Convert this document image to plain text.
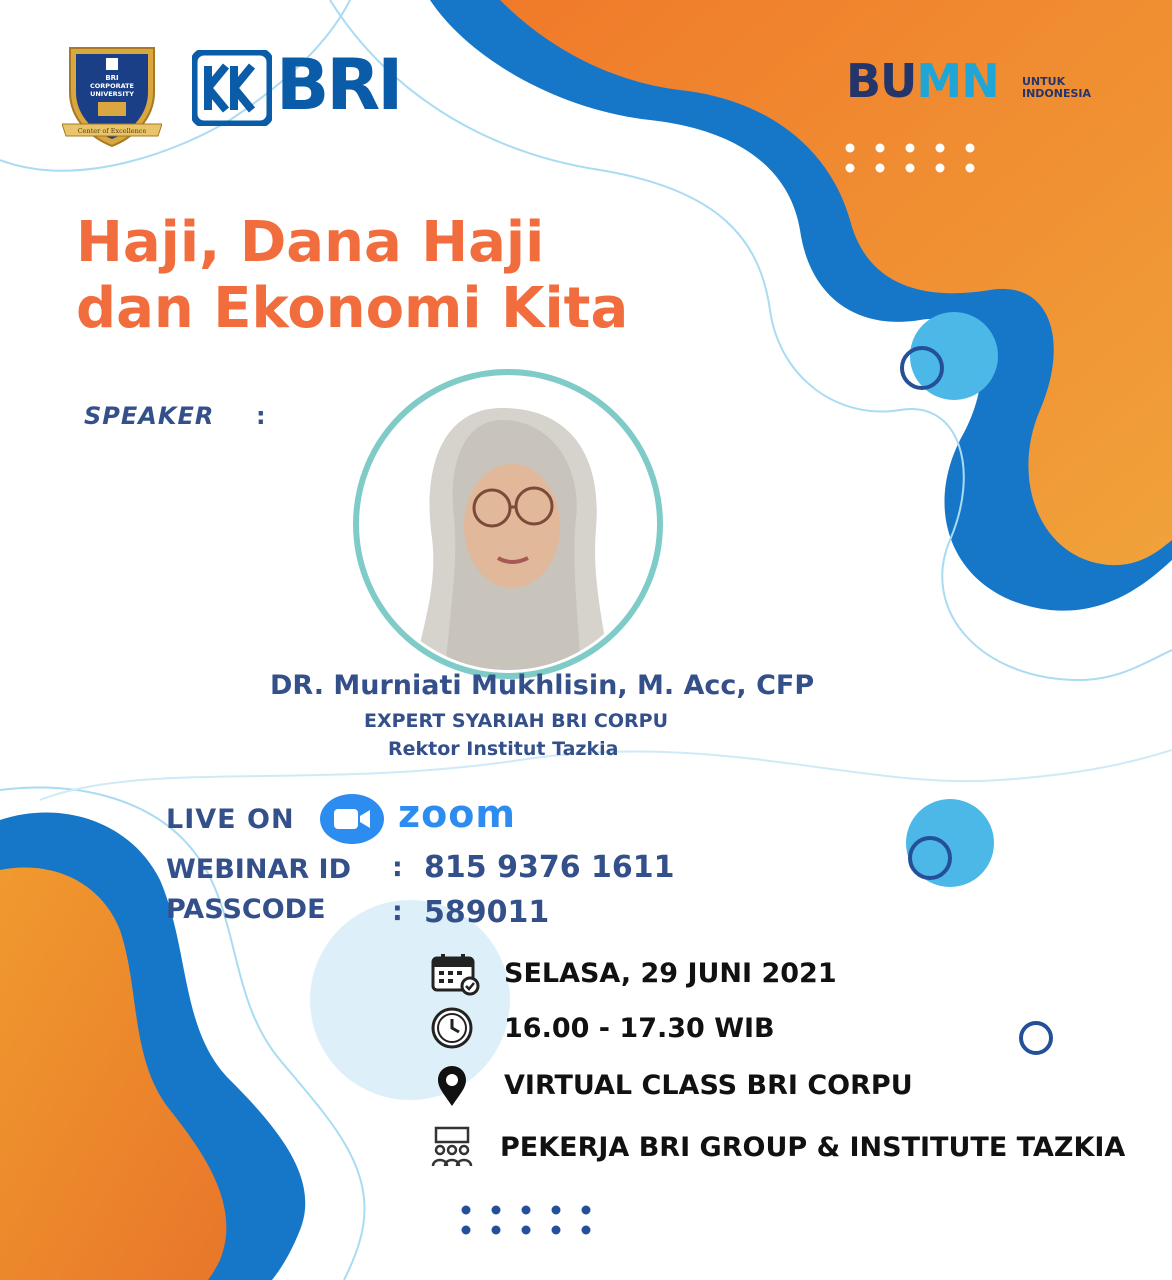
BRI
CORPORATE
UNIVERSITY
Center of Excellence
BRI	BUMN UNTUK
INDONESIA
Haji, Dana Haji
dan Ekonomi Kita
SPEAKER :
DR. Murniati Mukhlisin, M. Acc, CFP
EXPERT SYARIAH BRI CORPU
Rektor Institut Tazkia
LIVE ON	zoom
WEBINAR ID : 815 9376 1611
PASSCODE : 589011
SELASA, 29 JUNI 2021
16.00 - 17.30 WIB
VIRTUAL CLASS BRI CORPU
PEKERJA BRI GROUP & INSTITUTE TAZKIA
